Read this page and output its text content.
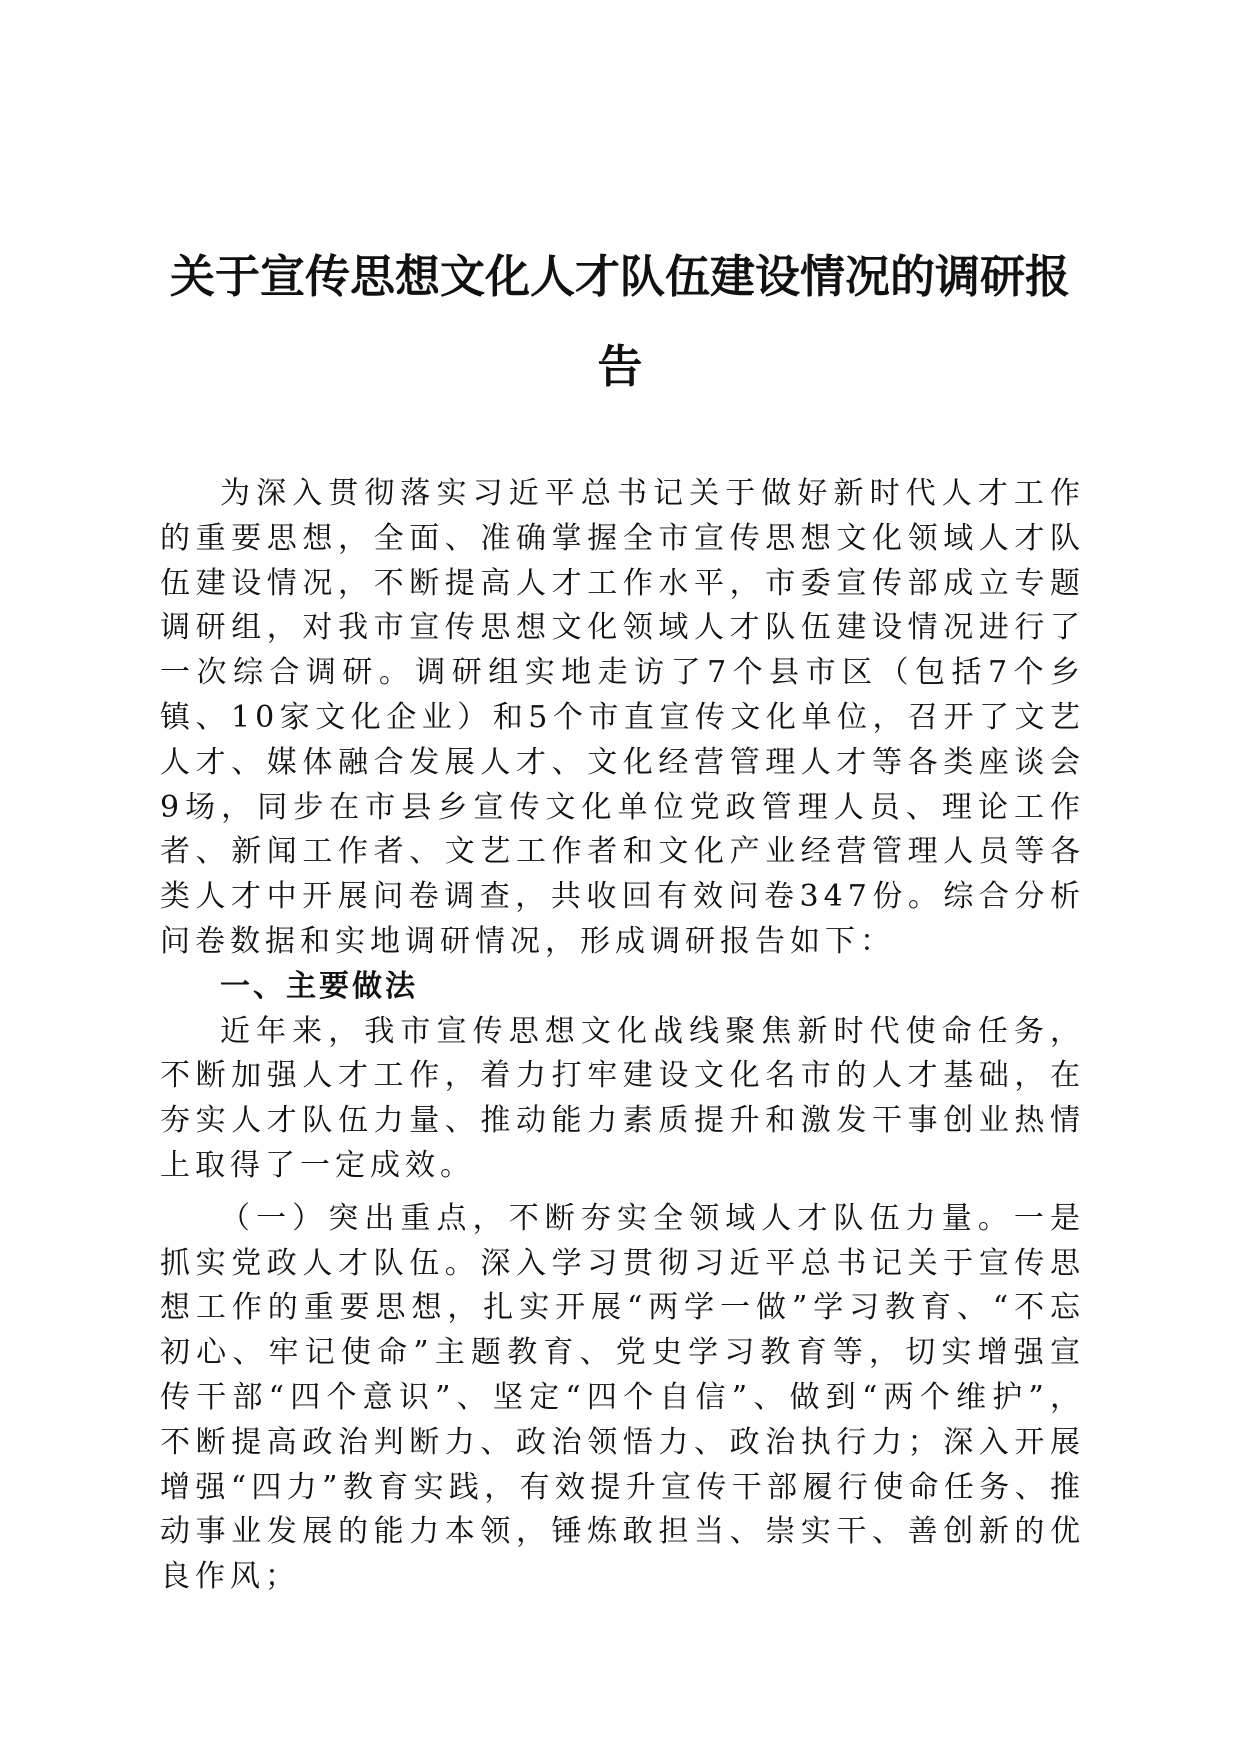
关于宣传思想文化人才队伍建设情况的调研报告

为深入贯彻落实习近平总书记关于做好新时代人才工作的重要思想，全面、准确掌握全市宣传思想文化领域人才队伍建设情况，不断提高人才工作水平，市委宣传部成立专题调研组，对我市宣传思想文化领域人才队伍建设情况进行了一次综合调研。调研组实地走访了7个县市区（包括7个乡镇、10家文化企业）和5个市直宣传文化单位，召开了文艺人才、媒体融合发展人才、文化经营管理人才等各类座谈会9场，同步在市县乡宣传文化单位党政管理人员、理论工作者、新闻工作者、文艺工作者和文化产业经营管理人员等各类人才中开展问卷调查，共收回有效问卷347份。综合分析问卷数据和实地调研情况，形成调研报告如下：

一、主要做法

近年来，我市宣传思想文化战线聚焦新时代使命任务，不断加强人才工作，着力打牢建设文化名市的人才基础，在夯实人才队伍力量、推动能力素质提升和激发干事创业热情上取得了一定成效。

（一）突出重点，不断夯实全领域人才队伍力量。一是抓实党政人才队伍。深入学习贯彻习近平总书记关于宣传思想工作的重要思想，扎实开展“两学一做”学习教育、“不忘初心、牢记使命”主题教育、党史学习教育等，切实增强宣传干部“四个意识”、坚定“四个自信”、做到“两个维护”，不断提高政治判断力、政治领悟力、政治执行力；深入开展增强“四力”教育实践，有效提升宣传干部履行使命任务、推动事业发展的能力本领，锤炼敢担当、崇实干、善创新的优良作风；
